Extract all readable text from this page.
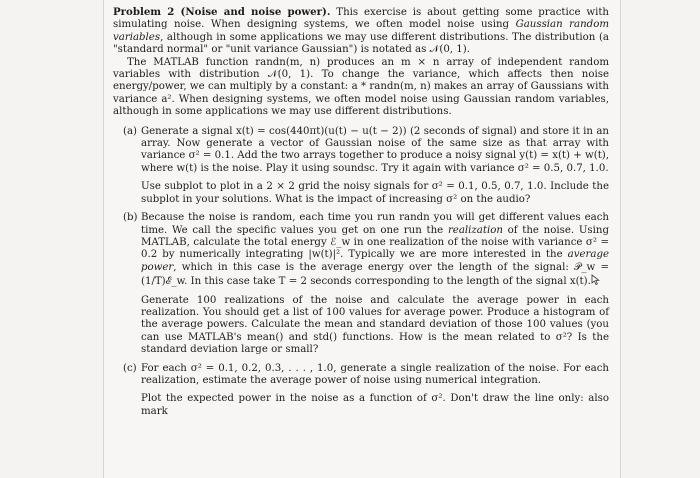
Problem 2 (Noise and noise power). This exercise is about getting some practice with simulating noise. When designing systems, we often model noise using Gaussian random variables, although in some applications we may use different distributions. The distribution (a "standard normal" or "unit variance Gaussian") is notated as 𝒩(0, 1).

The MATLAB function randn(m, n) produces an m × n array of independent random variables with distribution 𝒩(0, 1). To change the variance, which affects then noise energy/power, we can multiply by a constant: a * randn(m, n) makes an array of Gaussians with variance a². When designing systems, we often model noise using Gaussian random variables, although in some applications we may use different distributions.

(a) Generate a signal x(t) = cos(440πt)(u(t) − u(t − 2)) (2 seconds of signal) and store it in an array. Now generate a vector of Gaussian noise of the same size as that array with variance σ² = 0.1. Add the two arrays together to produce a noisy signal y(t) = x(t) + w(t), where w(t) is the noise. Play it using soundsc. Try it again with variance σ² = 0.5, 0.7, 1.0.

Use subplot to plot in a 2 × 2 grid the noisy signals for σ² = 0.1, 0.5, 0.7, 1.0. Include the subplot in your solutions. What is the impact of increasing σ² on the audio?

(b) Because the noise is random, each time you run randn you will get different values each time. We call the specific values you get on one run the realization of the noise. Using MATLAB, calculate the total energy ℰ_w in one realization of the noise with variance σ² = 0.2 by numerically integrating |w(t)|². Typically we are more interested in the average power, which in this case is the average energy over the length of the signal: 𝒫_w = (1/T)ℰ_w. In this case take T = 2 seconds corresponding to the length of the signal x(t).

Generate 100 realizations of the noise and calculate the average power in each realization. You should get a list of 100 values for average power. Produce a histogram of the average powers. Calculate the mean and standard deviation of those 100 values (you can use MATLAB's mean() and std() functions. How is the mean related to σ²? Is the standard deviation large or small?

(c) For each σ² = 0.1, 0.2, 0.3, . . . , 1.0, generate a single realization of the noise. For each realization, estimate the average power of noise using numerical integration.

Plot the expected power in the noise as a function of σ². Don't draw the line only: also mark
